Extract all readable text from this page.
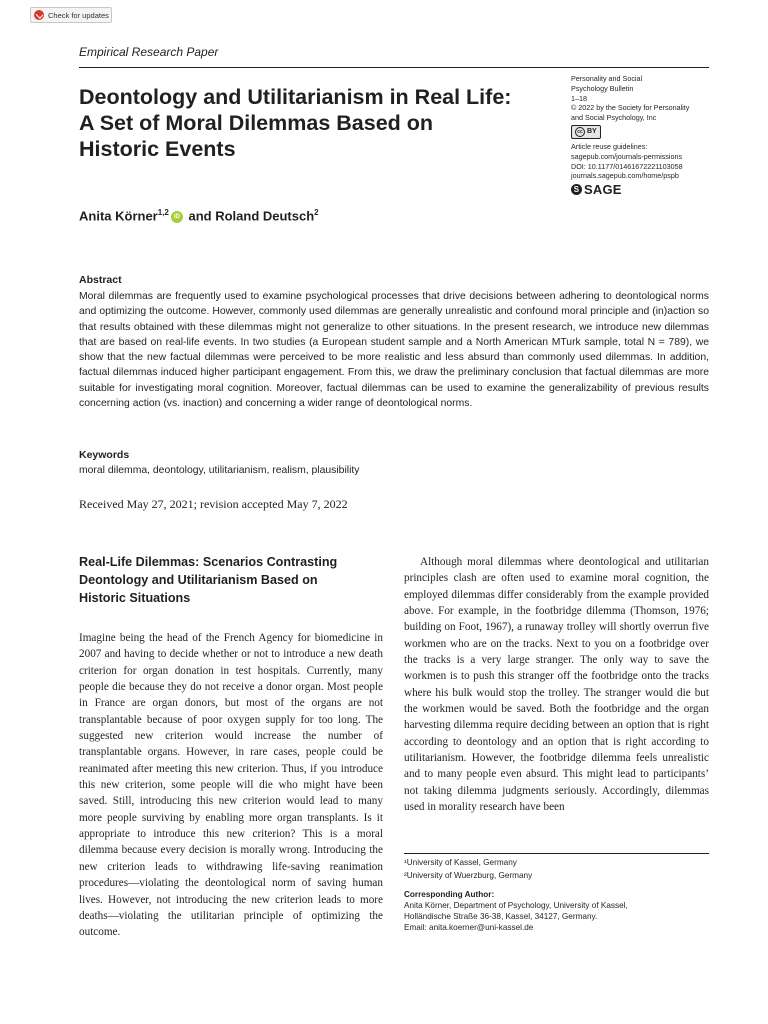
Check for updates
Empirical Research Paper
Deontology and Utilitarianism in Real Life: A Set of Moral Dilemmas Based on Historic Events
Personality and Social
Psychology Bulletin
1–18
© 2022 by the Society for Personality
and Social Psychology, Inc
cc BY
Article reuse guidelines:
sagepub.com/journals-permissions
DOI: 10.1177/01461672221103058
journals.sagepub.com/home/pspb
S SAGE
Anita Körner$^{1,2}$iD and Roland Deutsch$^2$
Abstract

Moral dilemmas are frequently used to examine psychological processes that drive decisions between adhering to deontological norms and optimizing the outcome. However, commonly used dilemmas are generally unrealistic and confound moral principle and (in)action so that results obtained with these dilemmas might not generalize to other situations. In the present research, we introduce new dilemmas that are based on real-life events. In two studies (a European student sample and a North American MTurk sample, total N = 789), we show that the new factual dilemmas were perceived to be more realistic and less absurd than commonly used dilemmas. In addition, factual dilemmas induced higher participant engagement. From this, we draw the preliminary conclusion that factual dilemmas are more suitable for investigating moral cognition. Moreover, factual dilemmas can be used to examine the generalizability of previous results concerning action (vs. inaction) and concerning a wider range of deontological norms.

Keywords
moral dilemma, deontology, utilitarianism, realism, plausibility
Received May 27, 2021; revision accepted May 7, 2022
Real-Life Dilemmas: Scenarios Contrasting Deontology and Utilitarianism Based on Historic Situations

Imagine being the head of the French Agency for biomedicine in 2007 and having to decide whether or not to introduce a new death criterion for organ donation in test hospitals. Currently, many people die because they do not receive a donor organ. Most people in France are organ donors, but most of the organs are not transplantable because of poor oxygen supply for too long. The suggested new criterion would increase the number of transplantable organs. However, in rare cases, people could be reanimated after meeting this new criterion. Thus, if you introduce this new criterion, some people will die who might have been saved. Still, introducing this new criterion would lead to many more people surviving by enabling more organ transplants. Is it appropriate to introduce this new criterion? This is a moral dilemma because every decision is morally wrong. Introducing the new criterion leads to withdrawing life-saving reanimation procedures—violating the deontological norm of saving human lives. However, not introducing the new criterion leads to more deaths—violating the utilitarian principle of optimizing the outcome.

Although moral dilemmas where deontological and utilitarian principles clash are often used to examine moral cognition, the employed dilemmas differ considerably from the example provided above. For example, in the footbridge dilemma (Thomson, 1976; building on Foot, 1967), a runaway trolley will shortly overrun five workmen who are on the tracks. Next to you on a footbridge over the tracks is a very large stranger. The only way to save the workmen is to push this stranger off the footbridge onto the tracks where his bulk would stop the trolley. The stranger would die but the workmen would be saved. Both the footbridge and the organ harvesting dilemma require deciding between an option that is right according to deontology and an option that is right according to utilitarianism. However, the footbridge dilemma feels unrealistic and to many people even absurd. This might lead to participants’ not taking dilemma judgments seriously. Accordingly, dilemmas used in morality research have been

¹University of Kassel, Germany
²University of Wuerzburg, Germany
Corresponding Author:
Anita Körner, Department of Psychology, University of Kassel,
Holländische Straße 36-38, Kassel, 34127, Germany.
Email: anita.koerner@uni-kassel.de
